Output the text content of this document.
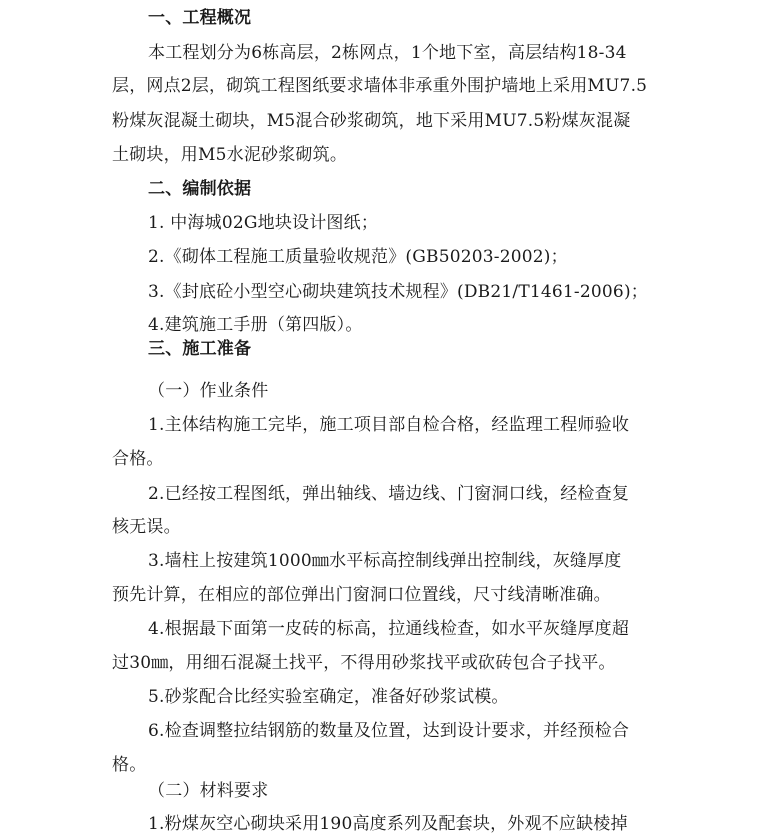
一、工程概况
本工程划分为6栋高层，2栋网点，1个地下室，高层结构18-34
层，网点2层，砌筑工程图纸要求墙体非承重外围护墙地上采用MU7.5
粉煤灰混凝土砌块，M5混合砂浆砌筑，地下采用MU7.5粉煤灰混凝
土砌块，用M5水泥砂浆砌筑。
二、编制依据
1. 中海城02G地块设计图纸；
2.《砌体工程施工质量验收规范》(GB50203-2002)；
3.《封底砼小型空心砌块建筑技术规程》(DB21/T1461-2006)；
4.建筑施工手册（第四版）。
三、施工准备
（一）作业条件
1.主体结构施工完毕，施工项目部自检合格，经监理工程师验收
合格。
2.已经按工程图纸，弹出轴线、墙边线、门窗洞口线，经检查复
核无误。
3.墙柱上按建筑1000㎜水平标高控制线弹出控制线，灰缝厚度
预先计算，在相应的部位弹出门窗洞口位置线，尺寸线清晰准确。
4.根据最下面第一皮砖的标高，拉通线检查，如水平灰缝厚度超
过30㎜，用细石混凝土找平，不得用砂浆找平或砍砖包合子找平。
5.砂浆配合比经实验室确定，准备好砂浆试模。
6.检查调整拉结钢筋的数量及位置，达到设计要求，并经预检合
格。
（二）材料要求
1.粉煤灰空心砌块采用190高度系列及配套块，外观不应缺棱掉
